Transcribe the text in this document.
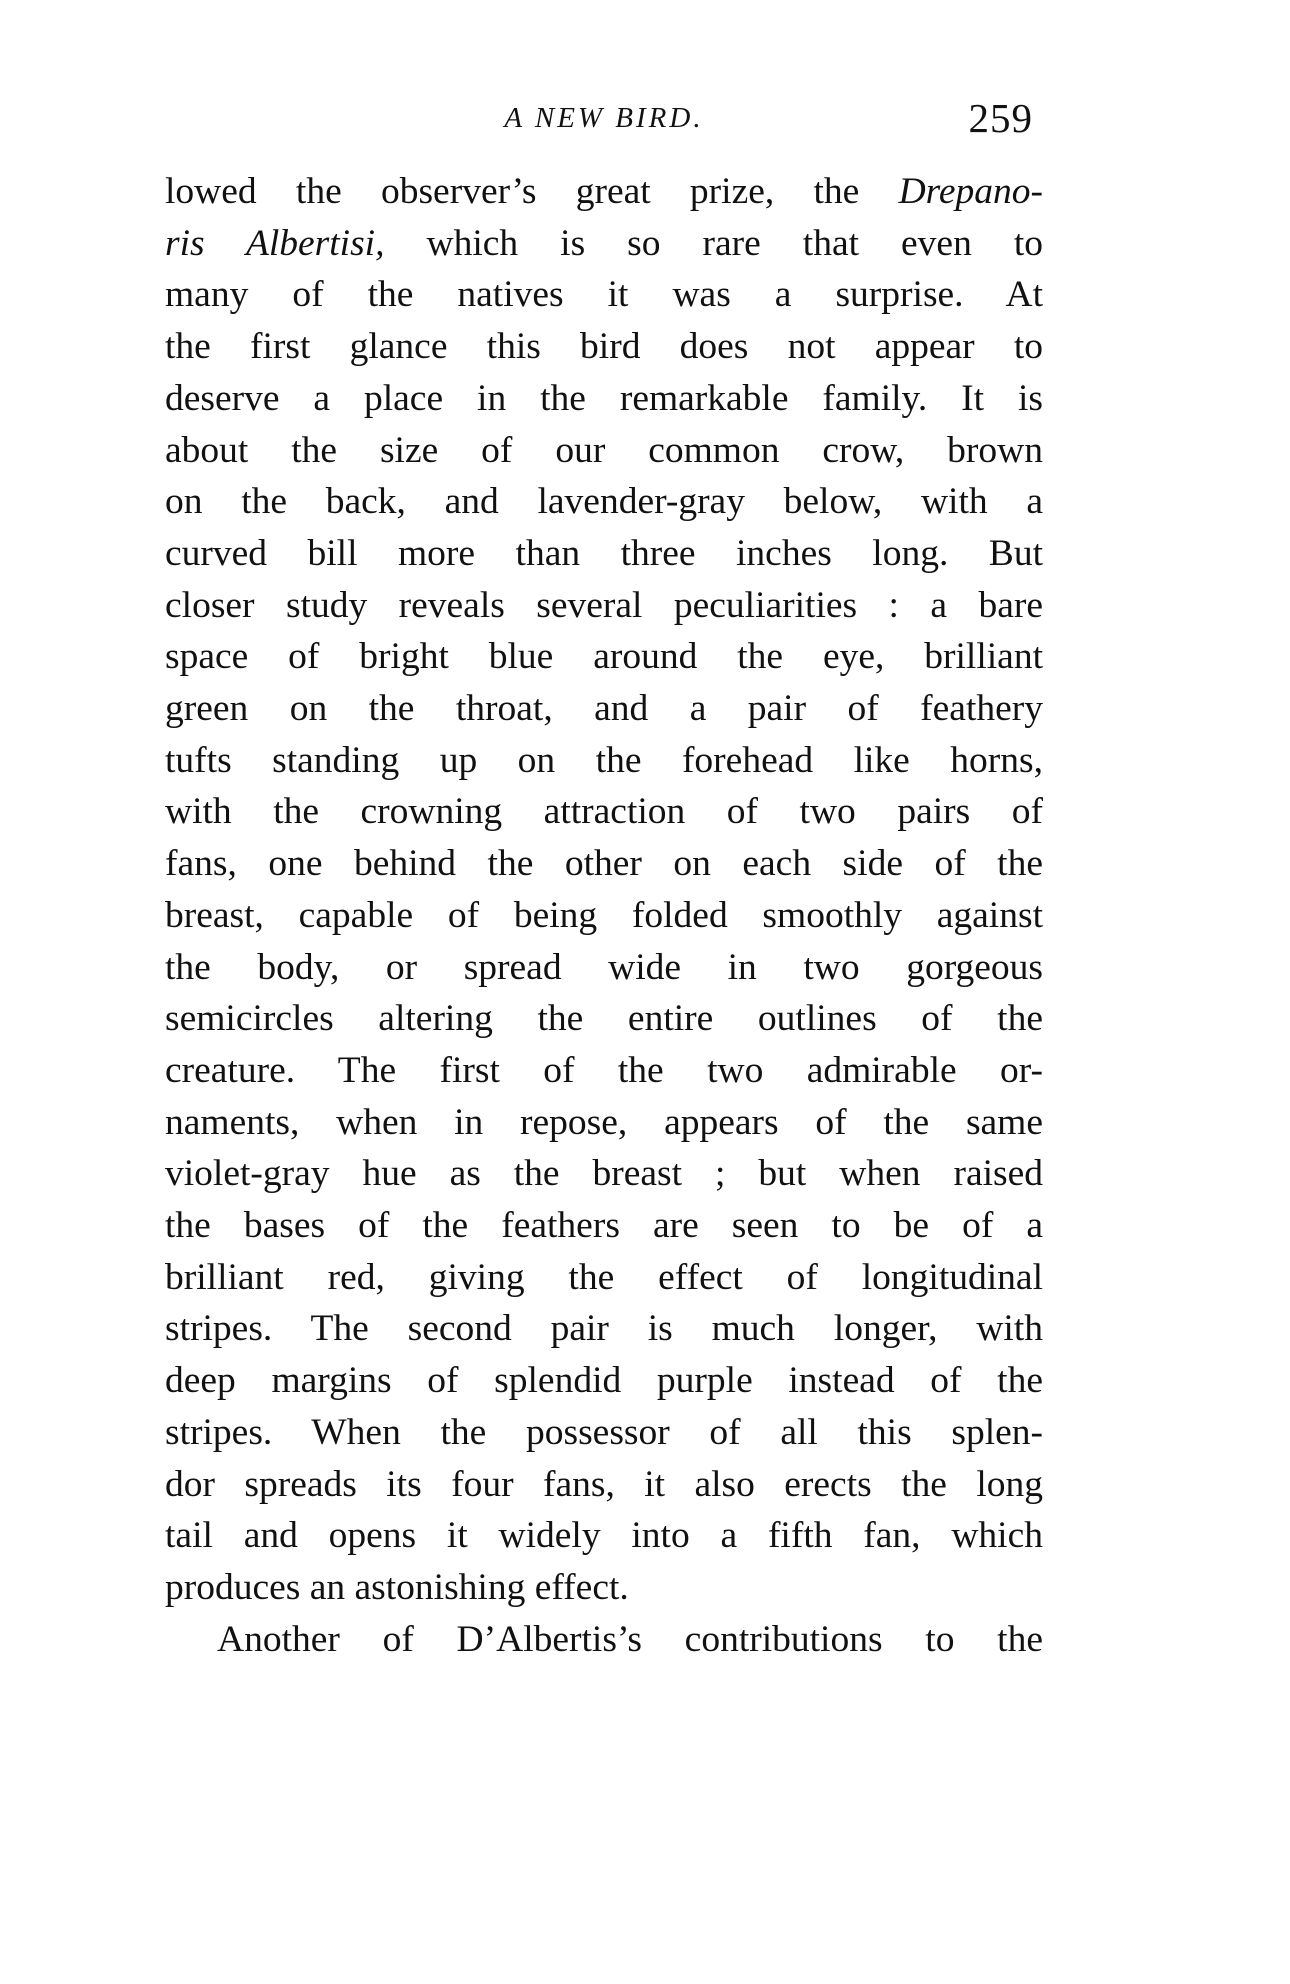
A NEW BIRD.	259

lowed the observer’s great prize, the Drepano-
ris Albertisi, which is so rare that even to
many of the natives it was a surprise. At
the first glance this bird does not appear to
deserve a place in the remarkable family. It is
about the size of our common crow, brown
on the back, and lavender-gray below, with a
curved bill more than three inches long. But
closer study reveals several peculiarities : a bare
space of bright blue around the eye, brilliant
green on the throat, and a pair of feathery
tufts standing up on the forehead like horns,
with the crowning attraction of two pairs of
fans, one behind the other on each side of the
breast, capable of being folded smoothly against
the body, or spread wide in two gorgeous
semicircles altering the entire outlines of the
creature. The first of the two admirable or-
naments, when in repose, appears of the same
violet-gray hue as the breast ; but when raised
the bases of the feathers are seen to be of a
brilliant red, giving the effect of longitudinal
stripes. The second pair is much longer, with
deep margins of splendid purple instead of the
stripes. When the possessor of all this splen-
dor spreads its four fans, it also erects the long
tail and opens it widely into a fifth fan, which
produces an astonishing effect.

Another of D’Albertis’s contributions to the
